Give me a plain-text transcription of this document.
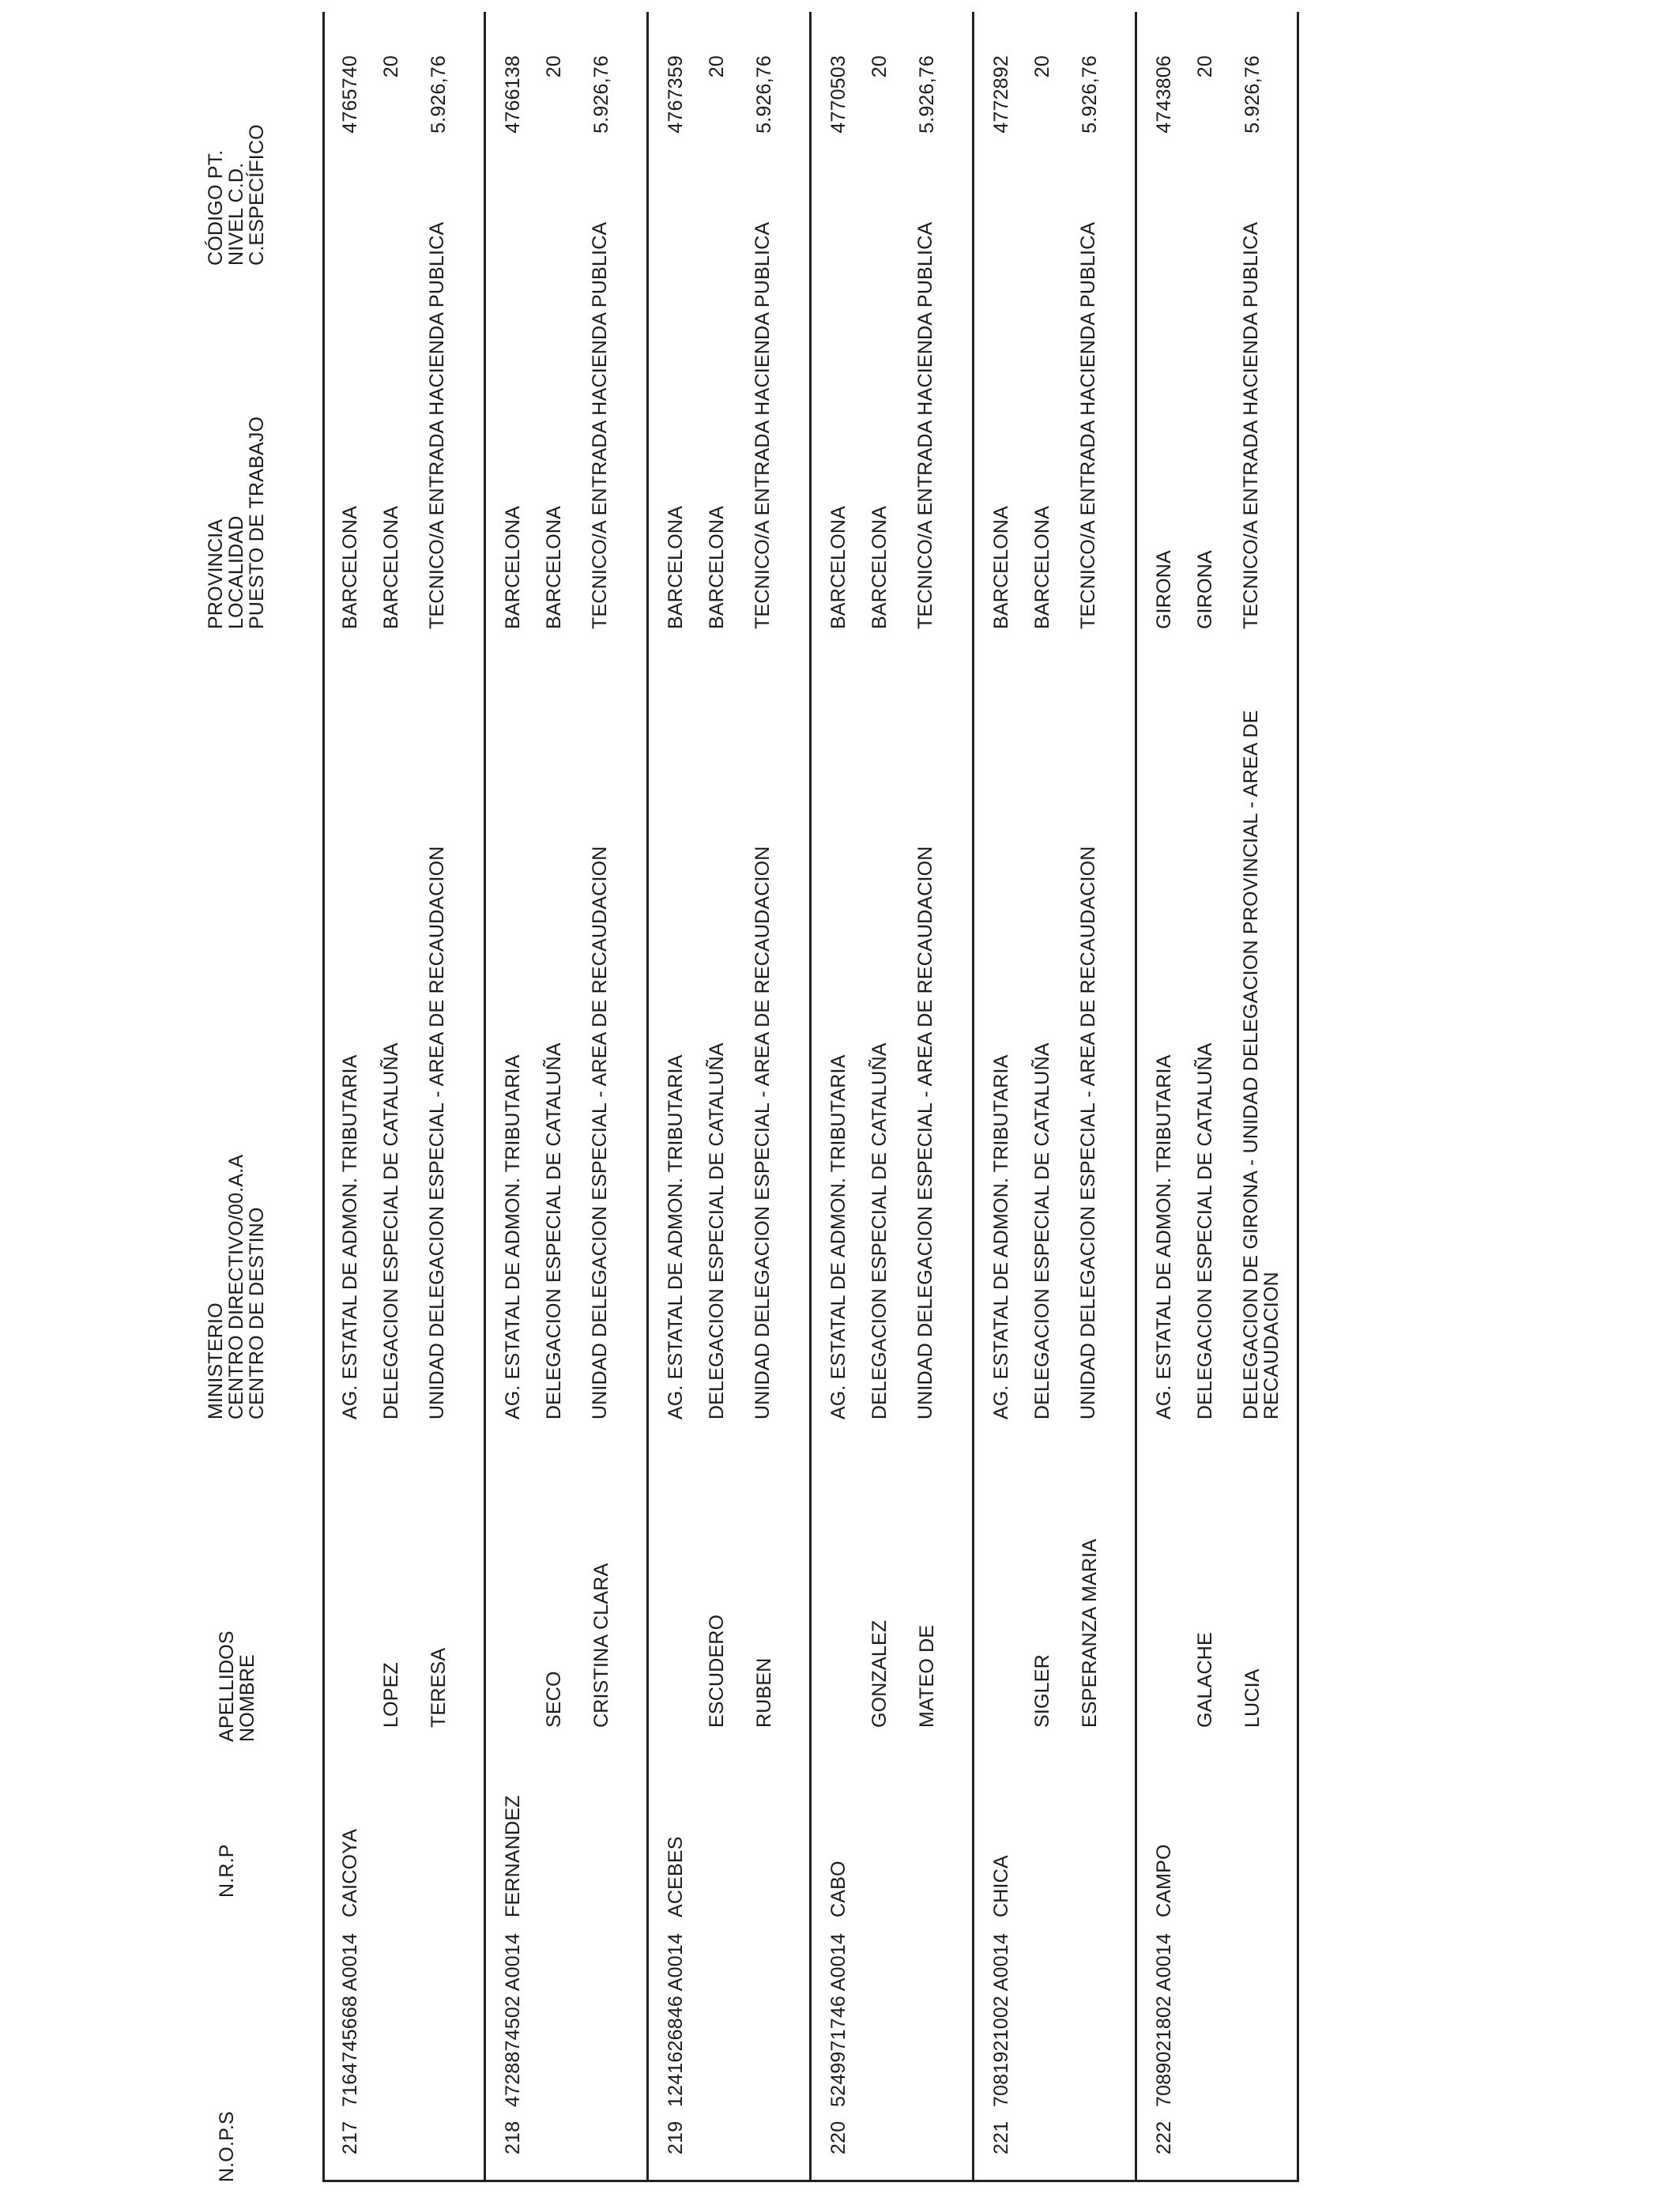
N.O.P.S
N.R.P
APELLIDOS
NOMBRE
MINISTERIO
CENTRO DIRECTIVO/00.A.A
CENTRO DE DESTINO
PROVINCIA
LOCALIDAD
PUESTO DE TRABAJO
CÓDIGO PT.
NIVEL C.D.
C.ESPECÍFICO
217
7164745668 A0014
CAICOYA
LOPEZ TERESA
AG. ESTATAL DE ADMON. TRIBUTARIA DELEGACION ESPECIAL DE CATALUÑA UNIDAD DELEGACION ESPECIAL - AREA DE RECAUDACION
BARCELONA BARCELONA TECNICO/A ENTRADA HACIENDA PUBLICA
4765740 20 5.926,76
218
4728874502 A0014
FERNANDEZ
SECO CRISTINA CLARA
AG. ESTATAL DE ADMON. TRIBUTARIA DELEGACION ESPECIAL DE CATALUÑA UNIDAD DELEGACION ESPECIAL - AREA DE RECAUDACION
BARCELONA BARCELONA TECNICO/A ENTRADA HACIENDA PUBLICA
4766138 20 5.926,76
219
1241626846 A0014
ACEBES
ESCUDERO RUBEN
AG. ESTATAL DE ADMON. TRIBUTARIA DELEGACION ESPECIAL DE CATALUÑA UNIDAD DELEGACION ESPECIAL - AREA DE RECAUDACION
BARCELONA BARCELONA TECNICO/A ENTRADA HACIENDA PUBLICA
4767359 20 5.926,76
220
5249971746 A0014
CABO
GONZALEZ MATEO DE
AG. ESTATAL DE ADMON. TRIBUTARIA DELEGACION ESPECIAL DE CATALUÑA UNIDAD DELEGACION ESPECIAL - AREA DE RECAUDACION
BARCELONA BARCELONA TECNICO/A ENTRADA HACIENDA PUBLICA
4770503 20 5.926,76
221
7081921002 A0014
CHICA
SIGLER ESPERANZA MARIA
AG. ESTATAL DE ADMON. TRIBUTARIA DELEGACION ESPECIAL DE CATALUÑA UNIDAD DELEGACION ESPECIAL - AREA DE RECAUDACION
BARCELONA BARCELONA TECNICO/A ENTRADA HACIENDA PUBLICA
4772892 20 5.926,76
222
7089021802 A0014
CAMPO
GALACHE LUCIA
AG. ESTATAL DE ADMON. TRIBUTARIA DELEGACION ESPECIAL DE CATALUÑA DELEGACION DE GIRONA - UNIDAD DELEGACION PROVINCIAL - AREA DE RECAUDACION
GIRONA GIRONA TECNICO/A ENTRADA HACIENDA PUBLICA
4743806 20 5.926,76
